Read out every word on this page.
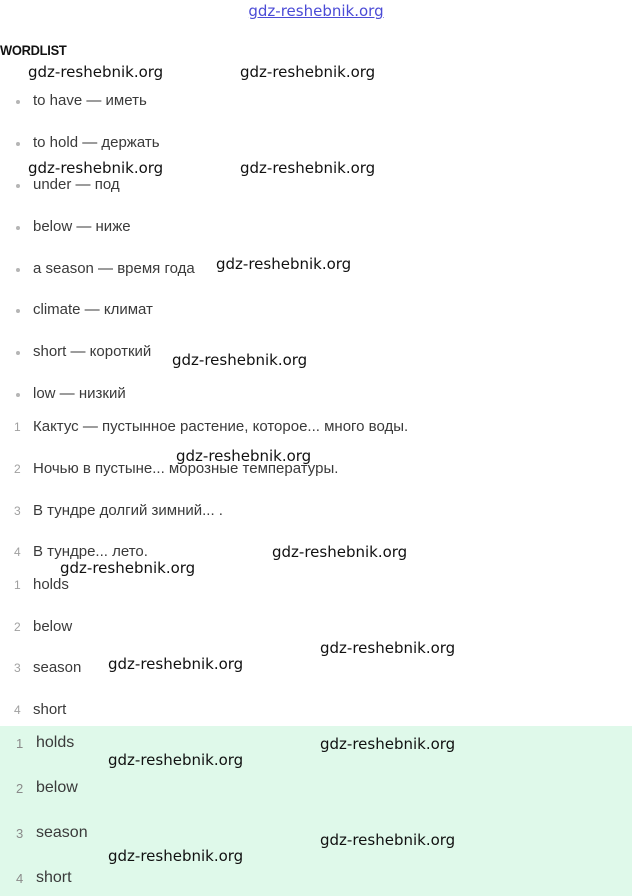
gdz-reshebnik.org
WORDLIST
to have — иметь
to hold — держать
under — под
below — ниже
a season — время года
climate — климат
short — короткий
low — низкий
1 Кактус — пустынное растение, которое... много воды.
2 Ночью в пустыне... морозные температуры.
3 В тундре долгий зимний... .
4 В тундре... лето.
1 holds
2 below
3 season
4 short
1 holds
2 below
3 season
4 short
gdz-reshebnik.org	gdz-reshebnik.org
gdz-reshebnik.org	gdz-reshebnik.org
gdz-reshebnik.org
gdz-reshebnik.org
gdz-reshebnik.org
gdz-reshebnik.org
gdz-reshebnik.org
gdz-reshebnik.org
gdz-reshebnik.org
gdz-reshebnik.org
gdz-reshebnik.org
gdz-reshebnik.org
gdz-reshebnik.org
